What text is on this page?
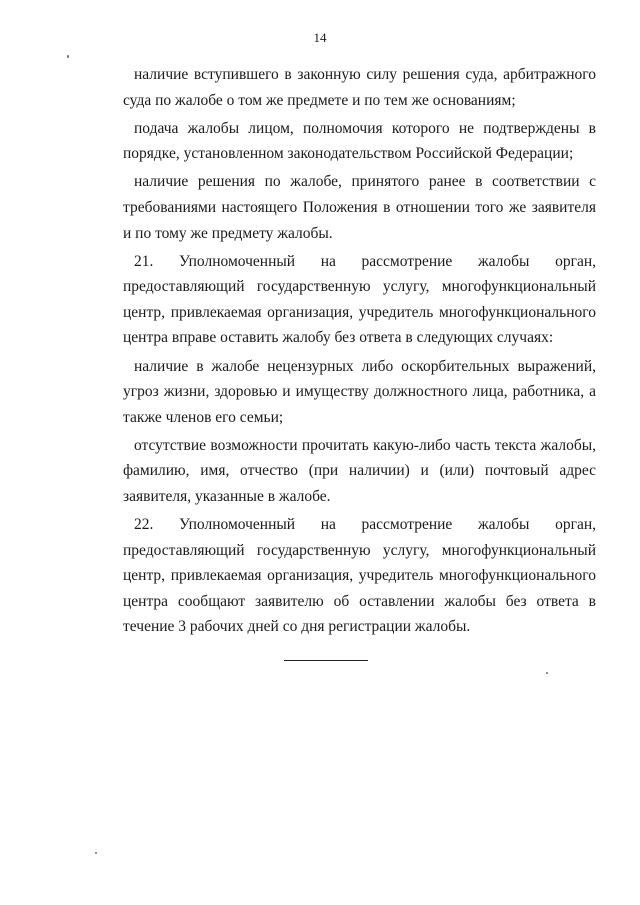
14

наличие вступившего в законную силу решения суда, арбитражного суда по жалобе о том же предмете и по тем же основаниям;

подача жалобы лицом, полномочия которого не подтверждены в порядке, установленном законодательством Российской Федерации;

наличие решения по жалобе, принятого ранее в соответствии с требованиями настоящего Положения в отношении того же заявителя и по тому же предмету жалобы.

21. Уполномоченный на рассмотрение жалобы орган, предоставляющий государственную услугу, многофункциональный центр, привлекаемая организация, учредитель многофункционального центра вправе оставить жалобу без ответа в следующих случаях:

наличие в жалобе нецензурных либо оскорбительных выражений, угроз жизни, здоровью и имуществу должностного лица, работника, а также членов его семьи;

отсутствие возможности прочитать какую-либо часть текста жалобы, фамилию, имя, отчество (при наличии) и (или) почтовый адрес заявителя, указанные в жалобе.

22. Уполномоченный на рассмотрение жалобы орган, предоставляющий государственную услугу, многофункциональный центр, привлекаемая организация, учредитель многофункционального центра сообщают заявителю об оставлении жалобы без ответа в течение 3 рабочих дней со дня регистрации жалобы.
